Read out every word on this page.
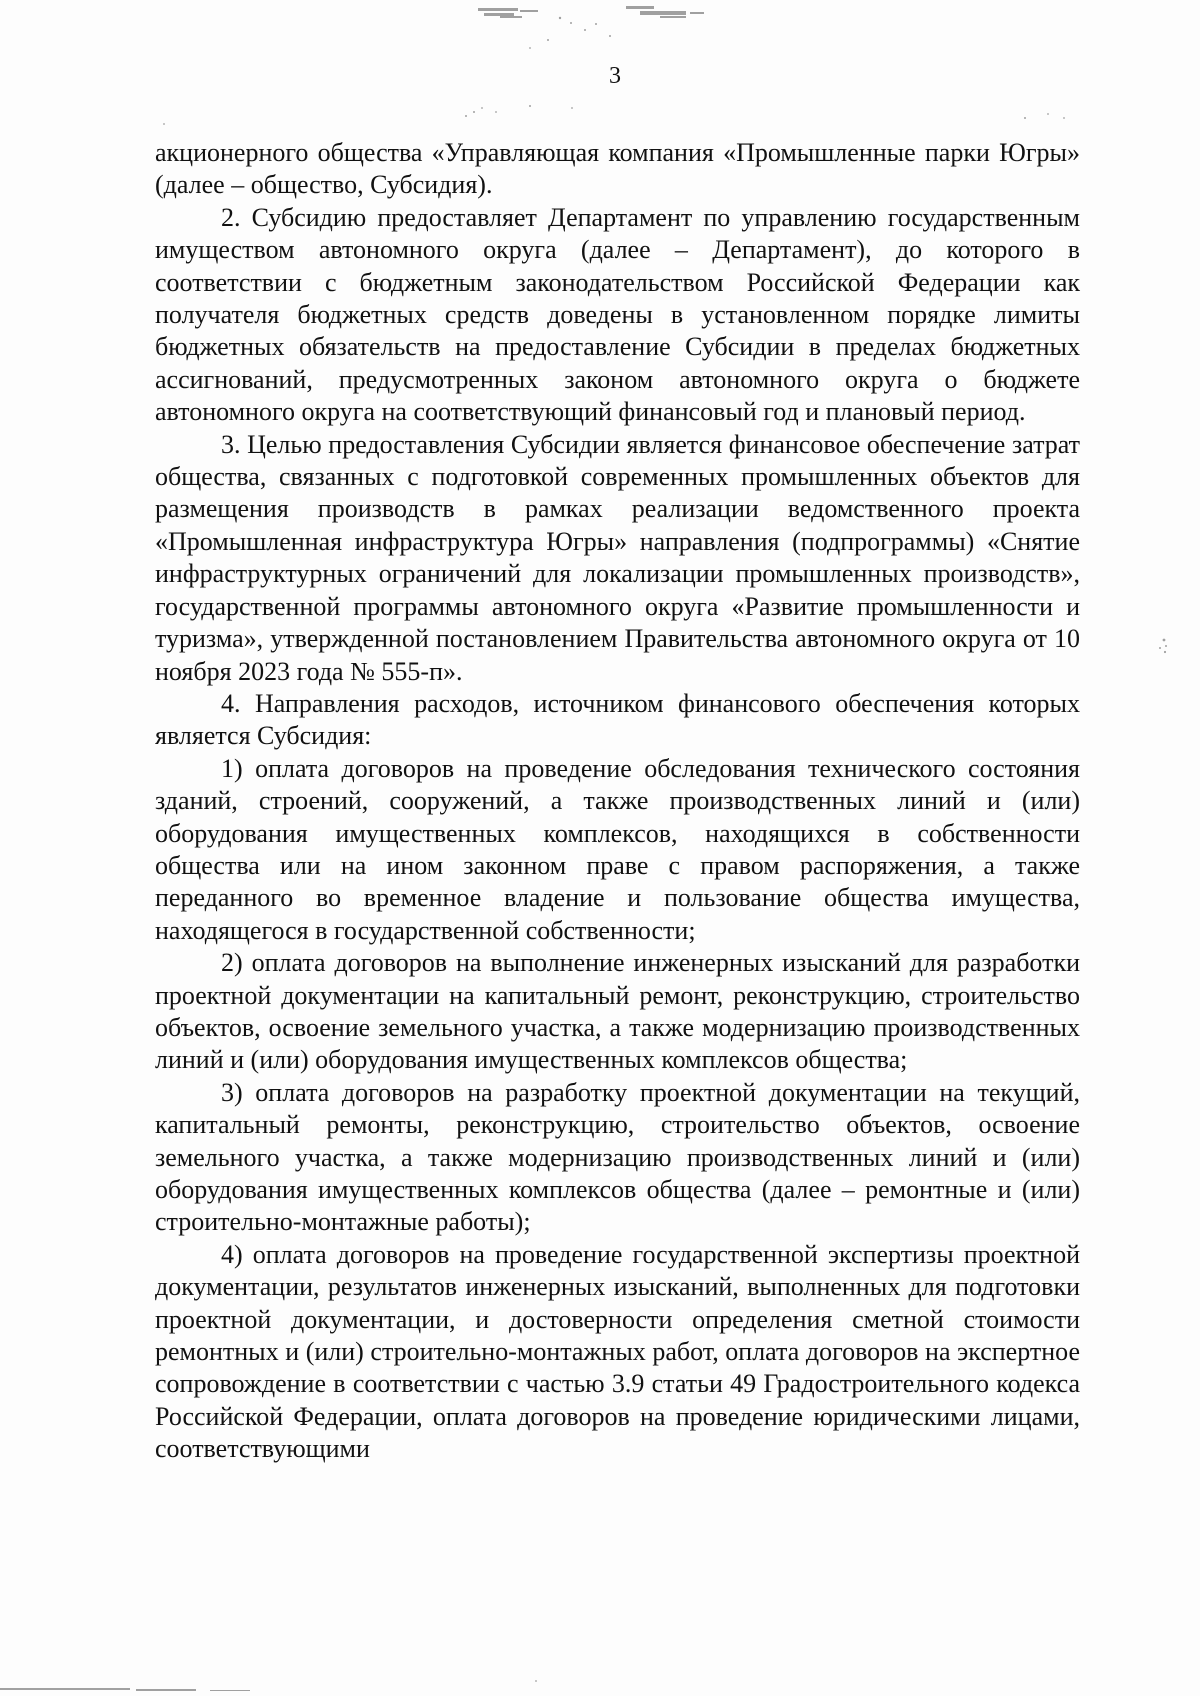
3

акционерного общества «Управляющая компания «Промышленные парки Югры» (далее – общество, Субсидия).

2. Субсидию предоставляет Департамент по управлению государственным имуществом автономного округа (далее – Департамент), до которого в соответствии с бюджетным законодательством Российской Федерации как получателя бюджетных средств доведены в установленном порядке лимиты бюджетных обязательств на предоставление Субсидии в пределах бюджетных ассигнований, предусмотренных законом автономного округа о бюджете автономного округа на соответствующий финансовый год и плановый период.

3. Целью предоставления Субсидии является финансовое обеспечение затрат общества, связанных с подготовкой современных промышленных объектов для размещения производств в рамках реализации ведомственного проекта «Промышленная инфраструктура Югры» направления (подпрограммы) «Снятие инфраструктурных ограничений для локализации промышленных производств», государственной программы автономного округа «Развитие промышленности и туризма», утвержденной постановлением Правительства автономного округа от 10 ноября 2023 года № 555-п».

4. Направления расходов, источником финансового обеспечения которых является Субсидия:

1) оплата договоров на проведение обследования технического состояния зданий, строений, сооружений, а также производственных линий и (или) оборудования имущественных комплексов, находящихся в собственности общества или на ином законном праве с правом распоряжения, а также переданного во временное владение и пользование общества имущества, находящегося в государственной собственности;

2) оплата договоров на выполнение инженерных изысканий для разработки проектной документации на капитальный ремонт, реконструкцию, строительство объектов, освоение земельного участка, а также модернизацию производственных линий и (или) оборудования имущественных комплексов общества;

3) оплата договоров на разработку проектной документации на текущий, капитальный ремонты, реконструкцию, строительство объектов, освоение земельного участка, а также модернизацию производственных линий и (или) оборудования имущественных комплексов общества (далее – ремонтные и (или) строительно-монтажные работы);

4) оплата договоров на проведение государственной экспертизы проектной документации, результатов инженерных изысканий, выполненных для подготовки проектной документации, и достоверности определения сметной стоимости ремонтных и (или) строительно-монтажных работ, оплата договоров на экспертное сопровождение в соответствии с частью 3.9 статьи 49 Градостроительного кодекса Российской Федерации, оплата договоров на проведение юридическими лицами, соответствующими
